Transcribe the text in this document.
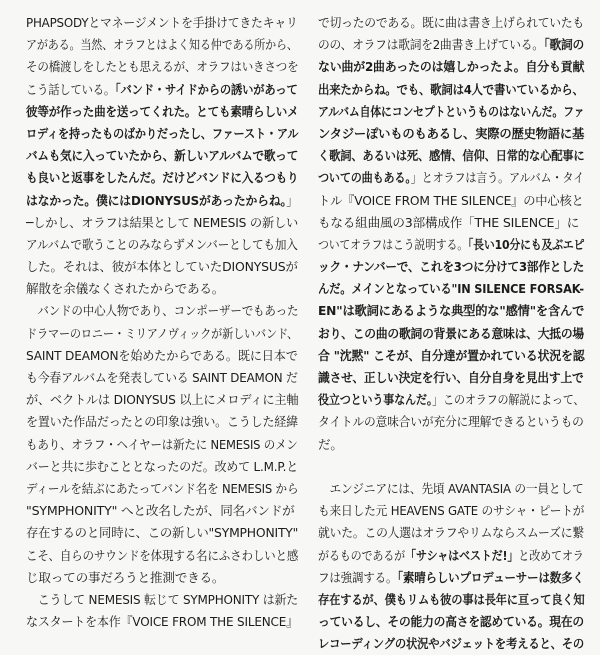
PHAPSODYとマネージメントを手掛けてきたキャリ
アがある。当然、オラフとはよく知る仲である所から、
その橋渡しをしたとも思えるが、オラフはいきさつを
こう話している。「バンド・サイドからの誘いがあって
彼等が作った曲を送ってくれた。とても素晴らしいメ
ロディを持ったものばかりだったし、ファースト・アル
バムも気に入っていたから、新しいアルバムで歌って
も良いと返事をしたんだ。だけどバンドに入るつもり
はなかった。僕にはDIONYSUSがあったからね。」
─しかし、オラフは結果として NEMESIS の新しい
アルバムで歌うことのみならずメンバーとしても加入
した。それは、彼が本体としていたDIONYSUSが
解散を余儀なくされたからである。
　バンドの中心人物であり、コンポーザーでもあった
ドラマーのロニー・ミリアノヴィックが新しいバンド、
SAINT DEAMONを始めたからである。既に日本で
も今春アルバムを発表している SAINT DEAMON だ
が、ベクトルは DIONYSUS 以上にメロディに主軸
を置いた作品だったとの印象は強い。こうした経緯
もあり、オラフ・ヘイヤーは新たに NEMESIS のメン
バーと共に歩むこととなったのだ。改めて L.M.P.と
ディールを結ぶにあたってバンド名を NEMESIS から
"SYMPHONITY" へと改名したが、同名バンドが
存在するのと同時に、この新しい"SYMPHONITY"
こそ、自らのサウンドを体現する名にふさわしいと感
じ取っての事だろうと推測できる。
　こうして NEMESIS 転じて SYMPHONITY は新た
なスタートを本作『VOICE FROM THE SILENCE』
で切ったのである。既に曲は書き上げられていたも
のの、オラフは歌詞を2曲書き上げている。「歌詞の
ない曲が2曲あったのは嬉しかったよ。自分も貢献
出来たからね。でも、歌詞は4人で書いているから、
アルバム自体にコンセプトというものはないんだ。ファ
ンタジーぽいものもあるし、実際の歴史物語に基
く歌詞、あるいは死、感情、信仰、日常的な心配事に
ついての曲もある。」とオラフは言う。アルバム・タイ
トル『VOICE FROM THE SILENCE』の中心核と
もなる組曲風の3部構成作「THE SILENCE」に
ついてオラフはこう説明する。「長い10分にも及ぶエピ
ック・ナンバーで、これを3つに分けて3部作とした
んだ。メインとなっている"IN SILENCE FORSAK-
EN"は歌詞にあるような典型的な"感情"を含んで
おり、この曲の歌詞の背景にある意味は、大抵の場
合 "沈黙" こそが、自分達が置かれている状況を認
識させ、正しい決定を行い、自分自身を見出す上で
役立つという事なんだ。」このオラフの解説によって、
タイトルの意味合いが充分に理解できるというもの
だ。
　エンジニアには、先頃 AVANTASIA の一員として
も来日した元 HEAVENS GATE のサシャ・ピートが
就いた。この人選はオラフやリムならスムーズに繋
がるものであるが「サシャはベストだ!」と改めてオラ
フは強調する。「素晴らしいプロデューサーは数多く
存在するが、僕もリムも彼の事は長年に亘って良く知
っているし、その能力の高さを認めている。現在の
レコーディングの状況やバジェットを考えると、その
